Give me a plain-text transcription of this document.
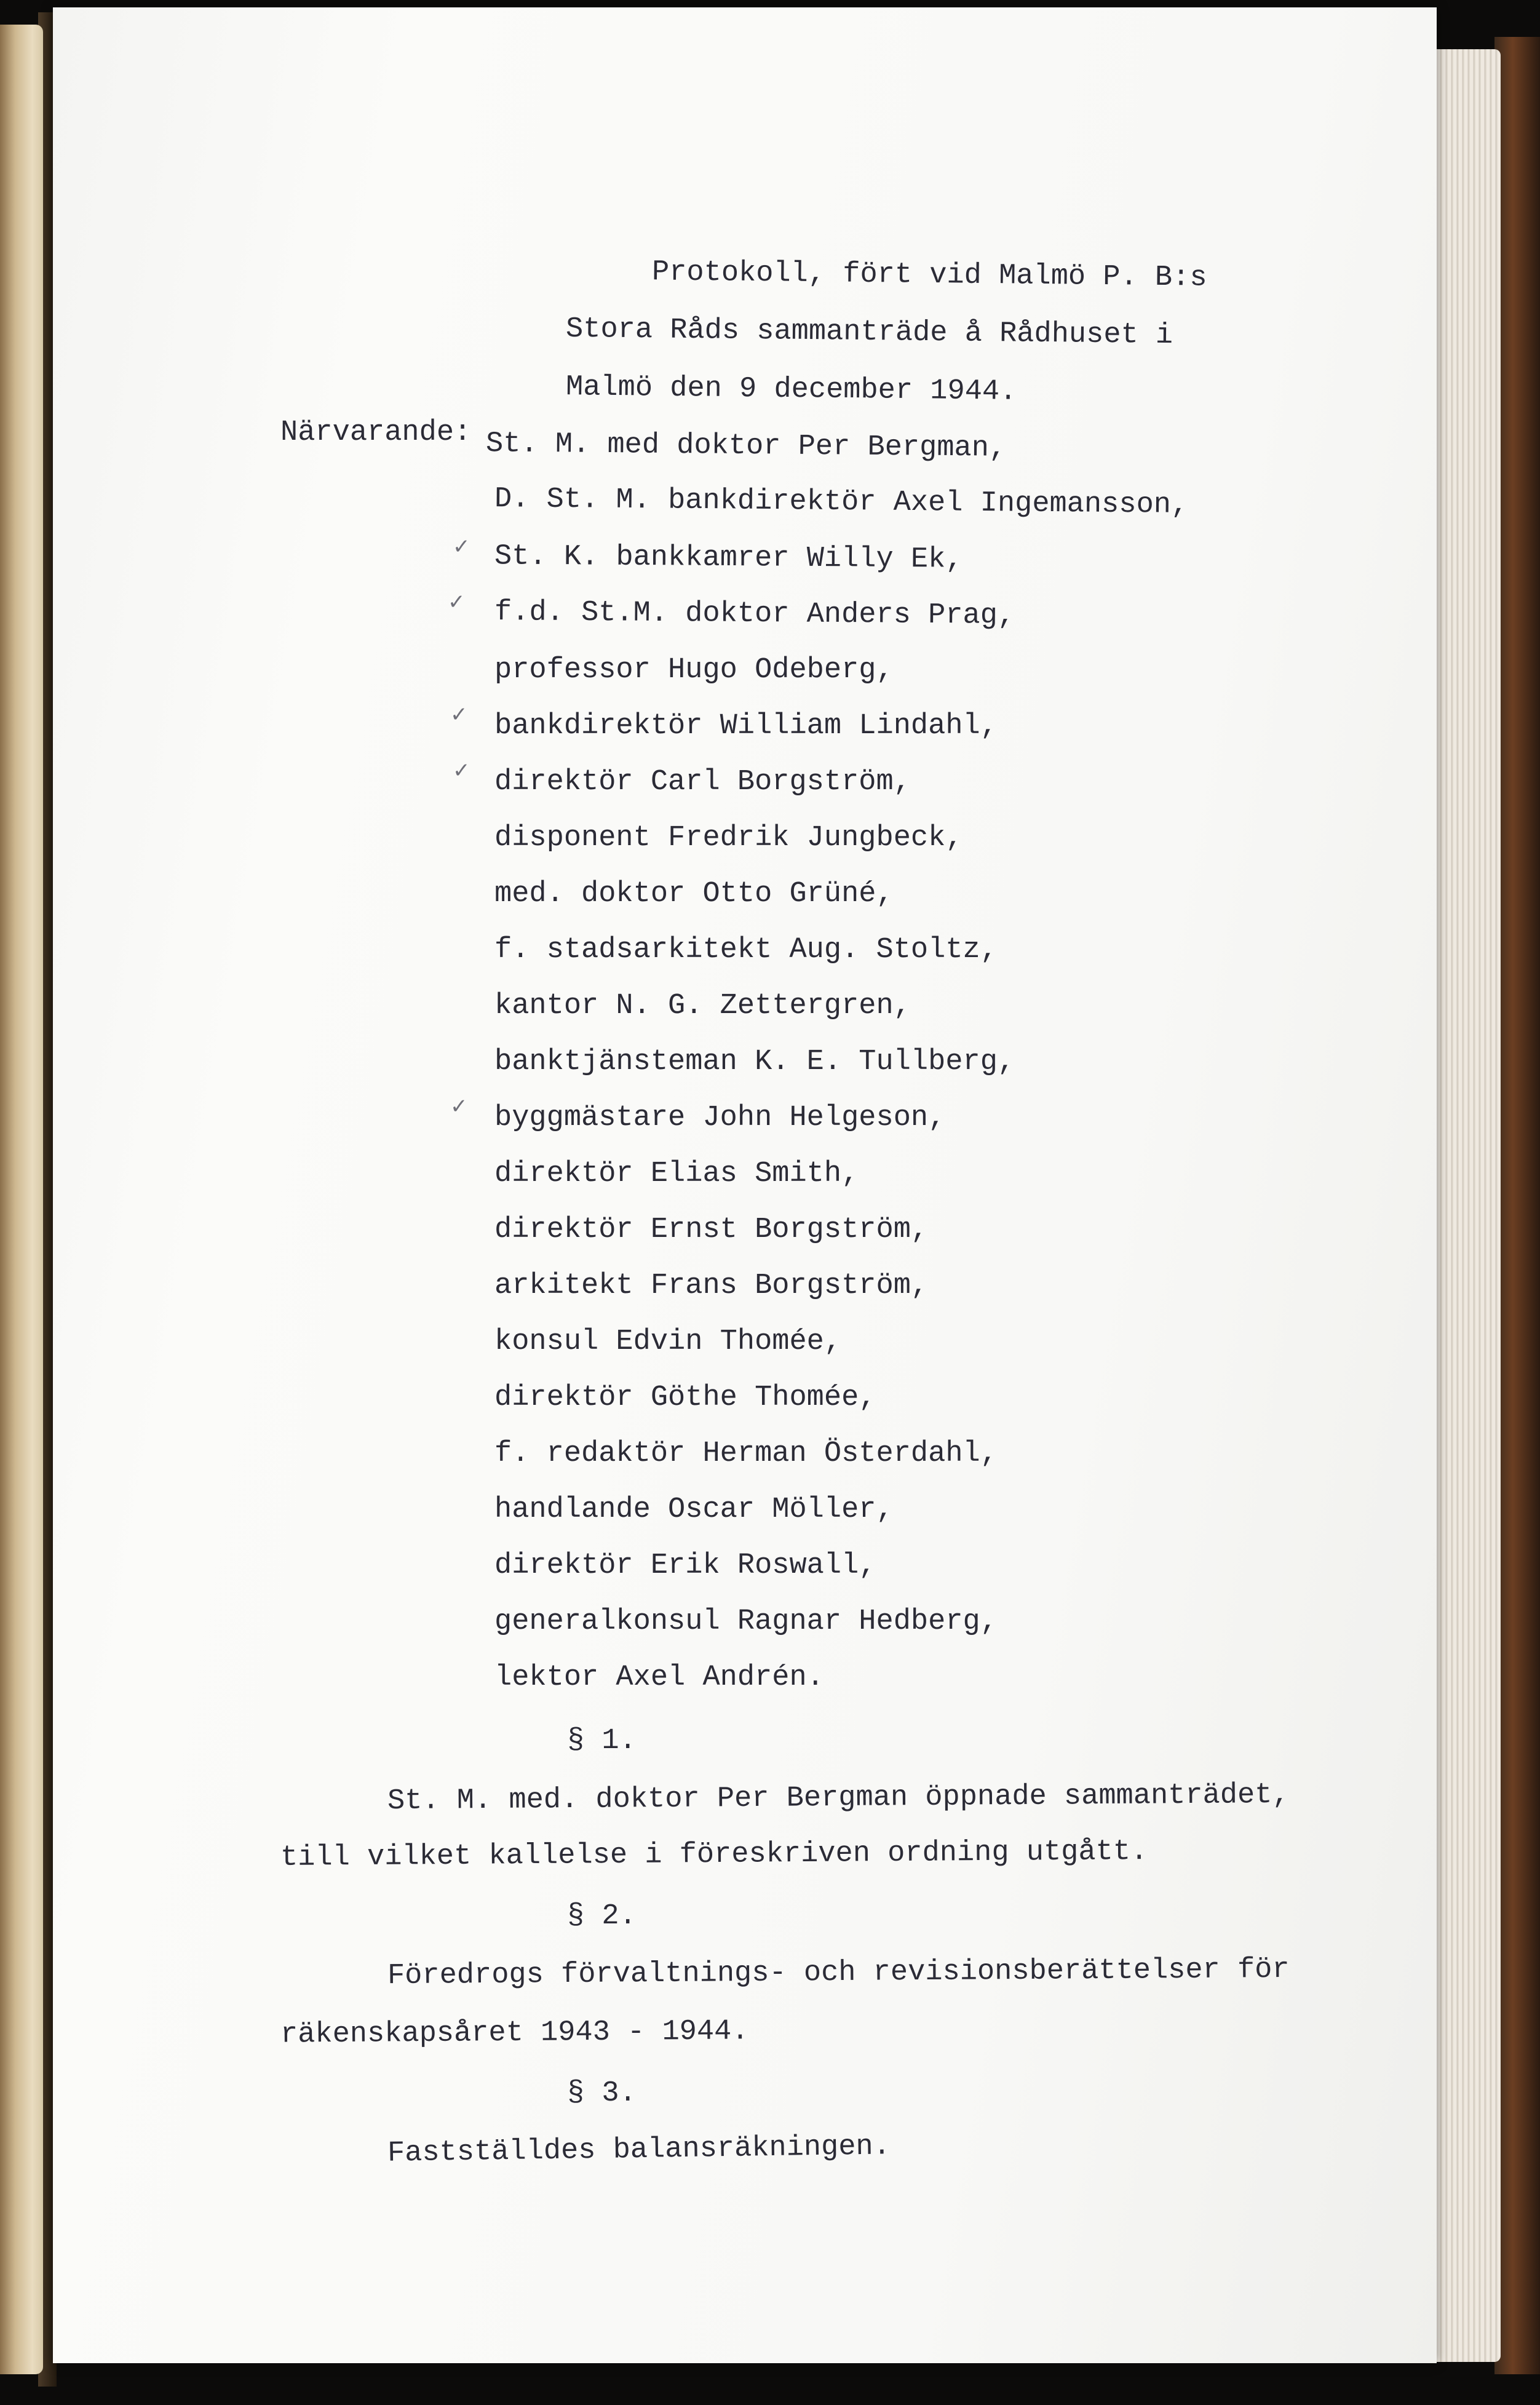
Protokoll, fört vid Malmö P. B:s
Stora Råds sammanträde å Rådhuset i
Malmö den 9 december 1944.
Närvarande: St. M. med doktor Per Bergman,
D. St. M. bankdirektör Axel Ingemansson,
✓ St. K. bankkamrer Willy Ek,
✓ f.d. St.M. doktor Anders Prag,
professor Hugo Odeberg,
✓ bankdirektör William Lindahl,
✓ direktör Carl Borgström,
disponent Fredrik Jungbeck,
med. doktor Otto Grüné,
f. stadsarkitekt Aug. Stoltz,
kantor N. G. Zettergren,
banktjänsteman K. E. Tullberg,
✓ byggmästare John Helgeson,
direktör Elias Smith,
direktör Ernst Borgström,
arkitekt Frans Borgström,
konsul Edvin Thomée,
direktör Göthe Thomée,
f. redaktör Herman Österdahl,
handlande Oscar Möller,
direktör Erik Roswall,
generalkonsul Ragnar Hedberg,
lektor Axel Andrén.
§ 1.
St. M. med. doktor Per Bergman öppnade sammanträdet,
till vilket kallelse i föreskriven ordning utgått.
§ 2.
Föredrogs förvaltnings- och revisionsberättelser för
räkenskapsåret 1943 - 1944.
§ 3.
Fastställdes balansräkningen.
